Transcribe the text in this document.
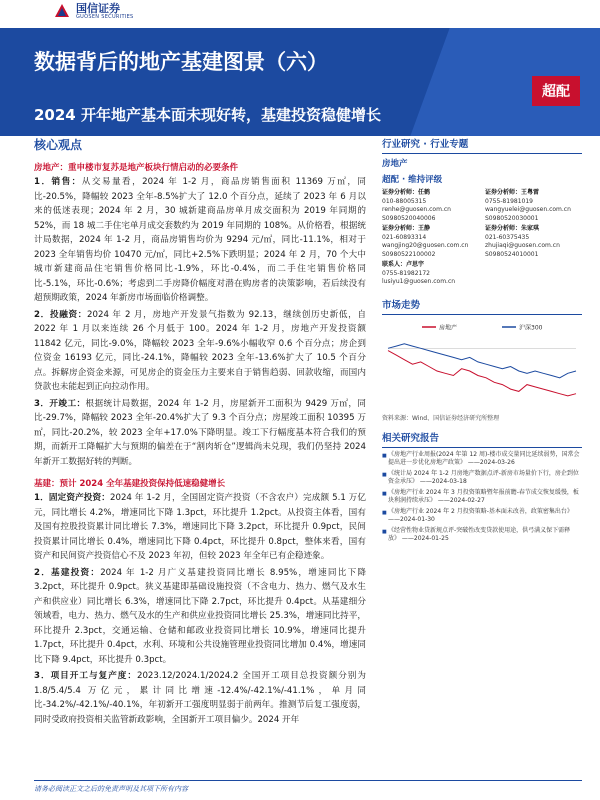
国信证券
GUOSEN SECURITIES
数据背后的地产基建图景（六）
2024 开年地产基本面未现好转，基建投资稳健增长
超配
核心观点
房地产：重申楼市复苏是地产板块行情启动的必要条件

1．销售：从交易量看，2024 年 1-2 月，商品房销售面积 11369 万㎡，同比-20.5%，降幅较 2023 全年-8.5%扩大了 12.0 个百分点，延续了 2023 年 6 月以来的低迷表现；2024 年 2 月，30 城新建商品房单月成交面积为 2019 年同期的 52%，而 18 城二手住宅单月成交套数约为 2019 年同期的 108%。从价格看，根据统计局数据，2024 年 1-2 月，商品房销售均价为 9294 元/㎡，同比-11.1%，相对于 2023 全年销售均价 10470 元/㎡，同比+2.5%下跌明显；2024 年 2 月，70 个大中城市新建商品住宅销售价格同比-1.9%，环比-0.4%，而二手住宅销售价格同比-5.1%，环比-0.6%；考虑到二手房降价幅度对潜在购房者的决策影响，若后续没有超预期政策，2024 年新房市场面临价格调整。

2．投融资：2024 年 2 月，房地产开发景气指数为 92.13，继续创历史新低，自 2022 年 1 月以来连续 26 个月低于 100。2024 年 1-2 月，房地产开发投资额 11842 亿元，同比-9.0%，降幅较 2023 全年-9.6%小幅收窄 0.6 个百分点；房企到位资金 16193 亿元，同比-24.1%，降幅较 2023 全年-13.6%扩大了 10.5 个百分点。拆解房企资金来源，可见房企的资金压力主要来自于销售趋弱、回款收缩，而国内贷款也未能起到正向拉动作用。

3．开竣工：根据统计局数据，2024 年 1-2 月，房屋新开工面积为 9429 万㎡，同比-29.7%，降幅较 2023 全年-20.4%扩大了 9.3 个百分点；房屋竣工面积 10395 万㎡，同比-20.2%，较 2023 全年+17.0%下降明显。竣工下行幅度基本符合我们的预期，而新开工降幅扩大与预期的偏差在于“割肉斩仓”逻辑尚未兑现，我们仍坚持 2024 年新开工数据好转的判断。

基建：预计 2024 全年基建投资保持低速稳健增长

1．固定资产投资：2024 年 1-2 月，全国固定资产投资（不含农户）完成额 5.1 万亿元，同比增长 4.2%，增速同比下降 1.3pct，环比提升 1.2pct。从投资主体看，国有及国有控股投资累计同比增长 7.3%，增速同比下降 3.2pct，环比提升 0.9pct，民间投资累计同比增长 0.4%，增速同比下降 0.4pct，环比提升 0.8pct，整体来看，国有资产和民间资产投资信心不及 2023 年初，但较 2023 年全年已有企稳迹象。

2．基建投资：2024 年 1-2 月广义基建投资同比增长 8.95%，增速同比下降 3.2pct，环比提升 0.9pct。狭义基建即基础设施投资（不含电力、热力、燃气及水生产和供应业）同比增长 6.3%，增速同比下降 2.7pct，环比提升 0.4pct。从基建细分领域看，电力、热力、燃气及水的生产和供应业投资同比增长 25.3%，增速同比持平，环比提升 2.3pct，交通运输、仓储和邮政业投资同比增长 10.9%，增速同比提升 1.7pct，环比提升 0.4pct，水利、环境和公共设施管理业投资同比增加 0.4%，增速同比下降 9.4pct，环比提升 0.3pct。

3．项目开工与复产度：2023.12/2024.1/2024.2 全国开工项目总投资额分别为 1.8/5.4/5.4 万亿元，累计同比增速-12.4%/-42.1%/-41.1%，单月同比-34.2%/-42.1%/-40.1%，年初新开工强度明显弱于前两年。推测节后复工强度弱，同时受政府投资相关监管新政影响，全国新开工项目偏少。2024 开年

行业研究 · 行业专题
房地产
超配 · 维持评级
证券分析师：任鹤
010-88005315
renhe@guosen.com.cn
S0980520040006
证券分析师：王粤雷
0755-81981019
wangyuelei@guosen.com.cn
S0980520030001
证券分析师：王静
021-60893314
wangjing20@guosen.com.cn
S0980522100002
证券分析师：朱家琪
021-60375435
zhujiaqi@guosen.com.cn
S0980524010001
联系人：卢思宇
0755-81982172
lusiyu1@guosen.com.cn
市场走势
房地产	沪深300
资料来源：Wind、国信证券经济研究所整理
相关研究报告
■ 《房地产行业周报(2024 年第 12 周)-楼市成交量同比延续弱势，国常会提出进一步优化房地产政策》 ——2024-03-26
■ 《统计局 2024 年 1-2 月房地产数据点评-新房市场量价下行，房企到位资金承压》 ——2024-03-18
■ 《房地产行业 2024 年 3 月投资策略暨年报前瞻-春节成交恢复缓慢，板块利润持续承压》 ——2024-02-27
■ 《房地产行业 2024 年 2 月投资策略-基本面未改善，政策密集出台》 ——2024-01-30
■ 《经营性物业贷新规点评-突破性改变贷款使用途，供弓满义保下需释放》 ——2024-01-25
请务必阅读正文之后的免责声明及其项下所有内容
